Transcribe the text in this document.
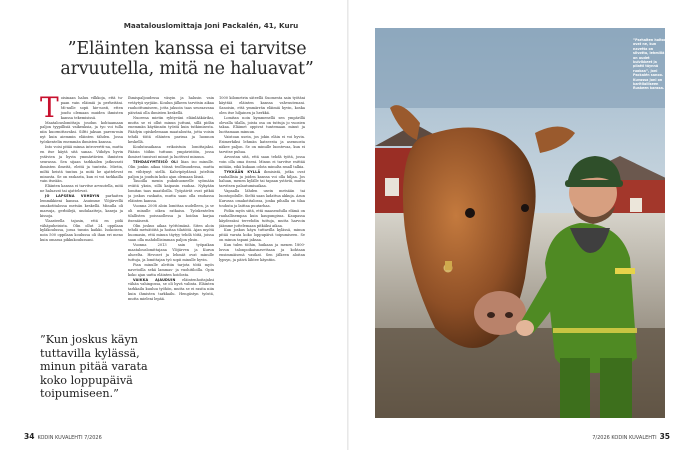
Maatalouslomittaja Joni Packalén, 41, Kuru
”Eläinten kanssa ei tarvitse
arvuutella, mitä ne haluavat”
T oisinaan haluu vilkkoja, että tu-paan vain eläimiä ja perheitäni. Mi-nulle sopii hie-nosti, etten joudu olemaan muiden ihmisten kanssa tekemisissä.

Maatalouslomittaja joudun kohtaamaan paljon tyypillisiä vaikeuksia, ja tyo voi tulla niin kuormittavaksi. Siltti jaksan parem-min nyt kuin aiemmin eläinten tähden. Jossa työskentelin enemmän ihmisten kanssa.

Into voisi pitää minua introvertti-na, mutta en itse käytä sitä sanaa. Viihdyn hyvin ystävien ja hyvin ymmärtävien ihmisten seurassa. Sen sijaan tarkkailen jatkuvasti ihmisten ilmeitä, eleitä ja tunteita. Mietin, miltä heistä tuntuu ja mitä he ajattelevat minusta. Se on raskasta, kun ei voi tarkkailla vain itseään.

Eläinten kanssa ei tarvitse arvuutella, mitä ne haluavat tai ajattelevat.

JO LAPSENA VIIHDYIN parhaiten lemmikkieni kanssa. Asuimme Ylöjärvellä omakotitalossa metsän keskellä. Minulla oli marsuja, gerbiilejä, undulaatteja, kaneja ja kissoja.

Ylaasteella tajusin, että en pidä vähäpuheisista. Olin ollut 24 oppilaan kyläkoulussa, jossa tunsin kaikki. Isokoisen, noin 500 oppilaan koulussa oli ihan eri meno kuin omassa pikkukoulussani.

”Kun joskus käyn
tuttavilla kylässä,
minun pitää varata
koko loppupäivä
toipumiseen.”

Ihmispaljoudessa väsyin ja halusin vain vetäytyä syrjään. Koulun jälkeen tarvitsin aikaa rauhoittumiseen, jotta jaksoin taas seuraavana päivänä olla ihmisten keskellä.

Nuorena mietin ryhtyväni eläinlääkäriksi, mutta se ei ollut minun juttuni, sillä pidän enemmän käytännön työstä kuin tutkimisesta. Päädyin opiskelemaan maataloutta, jotta voisin tehdä töitä eläinten parissa ja luonnon keskellä.

Koulutusaikana erikoistuin lomittajaksi. Pääsin töihin tuttuun ympäristöön, jossa ihmiset tunsivat minut ja luottivat minuun.

TEHDASYMTEISÖ OLI liian iso minulle. Olin jonkin aikaa töissä teollisuudessa, mutta en viihtynyt siellä. Kahvipöydässä juteltiin paljon ja jouduin koko ajan olemaan läsnä.

Tauoilla menin pukuhuoneelle syömään eväitä yksin, sillä kaipasin rauhaa. Nykyään lomitan taas maatiloilla. Työpäivät ovat pitkiä ja joskus raskaita, mutta saan olla rauhassa eläinten kanssa.

Vuonna 2008 aloin lomittaa uudelleen, ja se oli minulle oikea ratkaisu. Työskentelen tilallisten poissaollessa ja hoidan karjaa itsenäisesti.

Olin joskus aikaa työttömänä. Siten aloin tehdä metsätöitä ja hoitaa tilatöitä. Ajan myötä huomasin, että minun täytyy tehdä töitä, joissa saan olla mahdollisimman paljon yksin.

Vuonna 2013 sain työpaikan maatalouslomittajana Ylöjärven ja Kurun alueelta. Hevoset ja lehmät ovat minulle tuttuja, ja lomittajan työ sopii minulle hyvin.

Pian minulle alettiin tarjota töitä myös navetoilla sekä lammas- ja vuohitiloilla. Opin koko ajan uutta eläinten hoidosta.

VAIKKA AJAUDUIN eläintenhoitajaksi vähän vahingossa, se oli hyvä valinta. Eläinten tarkkailu kuuluu työhön, mutta se ei rasita niin kuin ihmisten tarkkailu. Hengästyn työstä, mutta mieleni lepää.

1000 kilometrin säteellä Suomesta sain työtäni käyttää eläinten kanssa vahvuutenani. Sanoisin, että ymmärrän eläimiä hyvin, koska olen itse hiljainen ja herkkä.

Lomitan noin kymmenellä sen ympärillä olevalla tilalla, joista osa on tuttuja jo vuosien takaa. Eläimet oppivat tuntemaan minut ja luottamaan minuun.

Vaistoan usein, jos jokin eläin ei voi hyvin. Esimerkiksi lehmän katseesta ja asennosta näkee paljon. Se on minulle luontevaa, kun ei tarvitse puhua.

Arvostan sitä, että saan tehdä työtä, jossa voin olla oma itseni. Minun ei tarvitse esittää mitään, eikä kukaan odota minulta small talkia.

TYKKÄÄN KYLLÄ ihmisistä, jotka ovat rauhallisia ja joiden kanssa voi olla hiljaa. Jos haluan, menen kylälle tai tapaan ystäviä, mutta tarvitsen palautumisaikaa.

Vapaalla lähden usein metsään tai luontopolulle. Sieltä saan ladattua akkuja. Asun Kurussa omakotitalossa, jonka pihalla on tilaa touhuta ja laittaa puutarhaa.

Pidän myös siitä, että maaseudulla elämä on rauhallisempaa kuin kaupungissa. Kaupassa käydessäni tervehdin tuttuja, mutta harvoin jäämme juttelemaan pitkäksi aikaa.

Kun joskus käyn tuttavilla kylässä, minun pitää varata koko loppupäivä toipumiseen. Se on minun tapani jaksaa.

Kun tulen töihin, huikaan ja menen 1800-luvun talonpoikaisnavettaan ja kohtaan ensimmäisenä vasikat. Sen jälkeen aloitan lypsyn, ja päivä lähtee käyntiin.

”Parhaiten hoitoa ovat ne, kun navetta on siivottu, lehmillä on uudet kuivikkeet ja pilatti täynnä ruokaa”, Joni Packalén sanoo. Kuvassa Joni on karitilalliseen Ruskeen kanssa.
34 KODIN KUVALEHTI 7/2026	7/2026 KODIN KUVALEHTI 35
